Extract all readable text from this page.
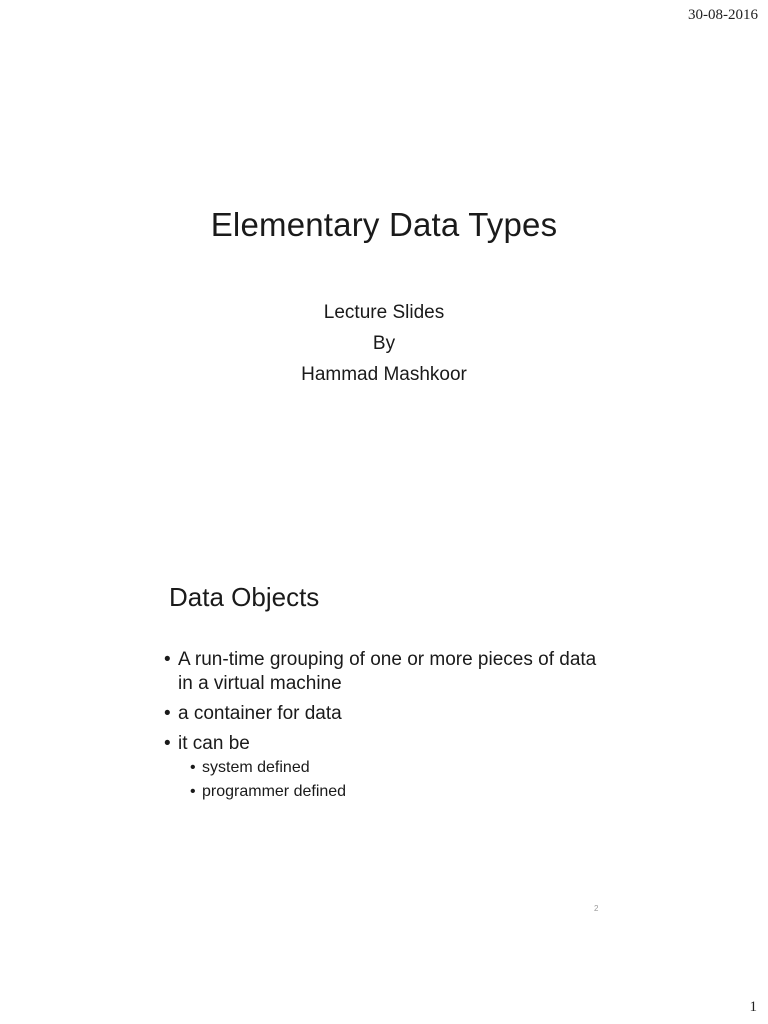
30-08-2016
Elementary Data Types
Lecture Slides
By
Hammad Mashkoor
Data Objects
• A run-time grouping of one or more pieces of data in a virtual machine
• a container for data
• it can be
• system defined
• programmer defined
2
1
